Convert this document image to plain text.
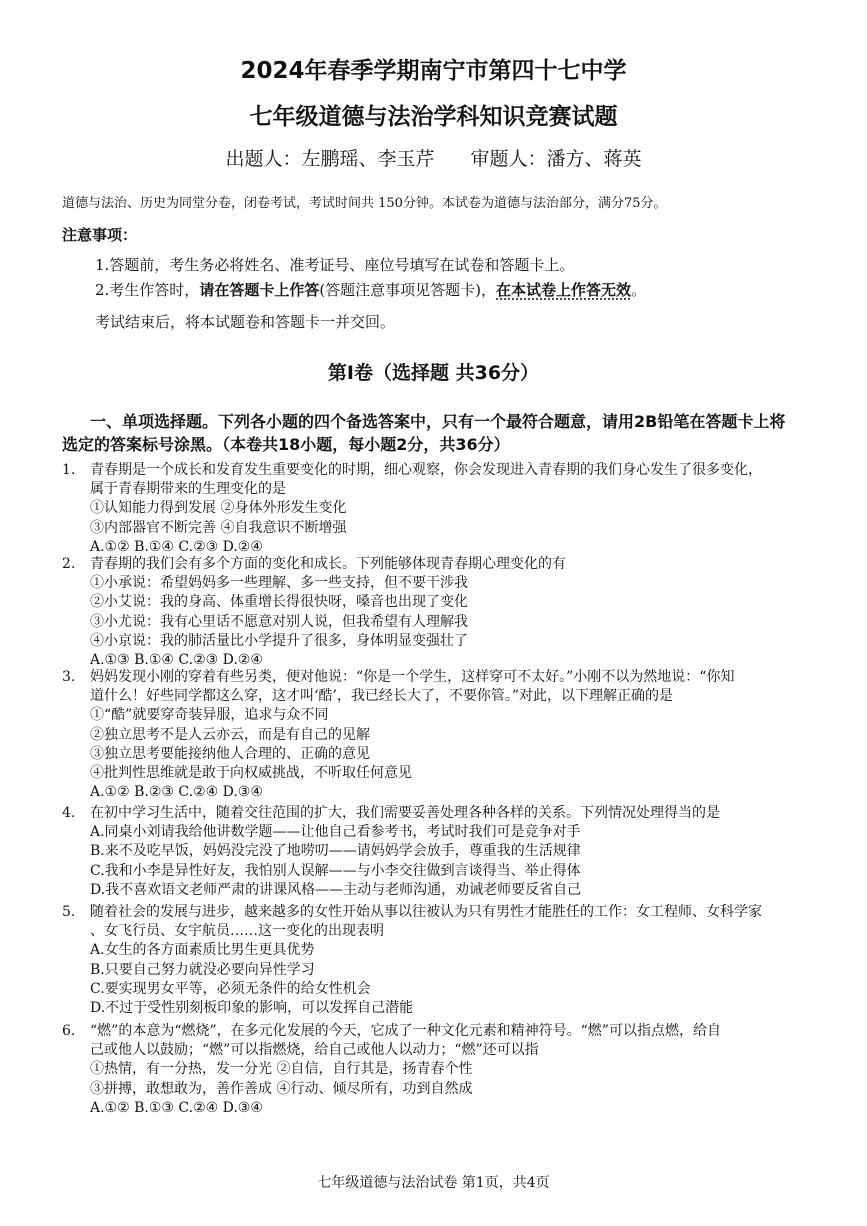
2024年春季学期南宁市第四十七中学
七年级道德与法治学科知识竞赛试题
出题人：左鹏瑶、李玉芹 审题人：潘方、蒋英
道德与法治、历史为同堂分卷，闭卷考试，考试时间共 150分钟。本试卷为道德与法治部分，满分75分。
注意事项：
1.答题前，考生务必将姓名、准考证号、座位号填写在试卷和答题卡上。
2.考生作答时，请在答题卡上作答(答题注意事项见答题卡)，在本试卷上作答无效。
考试结束后，将本试题卷和答题卡一并交回。
第Ⅰ卷（选择题 共36分）
一、单项选择题。下列各小题的四个备选答案中，只有一个最符合题意，请用2B铅笔在答题卡上将
选定的答案标号涂黑。（本卷共18小题，每小题2分，共36分）
1. 青春期是一个成长和发育发生重要变化的时期，细心观察，你会发现进入青春期的我们身心发生了很多变化，
属于青春期带来的生理变化的是
①认知能力得到发展 ②身体外形发生变化
③内部器官不断完善 ④自我意识不断增强
A.①② B.①④ C.②③ D.②④
2. 青春期的我们会有多个方面的变化和成长。下列能够体现青春期心理变化的有
①小承说：希望妈妈多一些理解、多一些支持，但不要干涉我
②小艾说：我的身高、体重增长得很快呀，嗓音也出现了变化
③小尤说：我有心里话不愿意对别人说，但我希望有人理解我
④小京说：我的肺活量比小学提升了很多，身体明显变强壮了
A.①③ B.①④ C.②③ D.②④
3. 妈妈发现小刚的穿着有些另类，便对他说：“你是一个学生，这样穿可不太好。”小刚不以为然地说：“你知
道什么！好些同学都这么穿，这才叫‘酷’，我已经长大了，不要你管。”对此，以下理解正确的是
①“酷”就要穿奇装异服，追求与众不同
②独立思考不是人云亦云，而是有自己的见解
③独立思考要能接纳他人合理的、正确的意见
④批判性思维就是敢于向权威挑战，不听取任何意见
A.①② B.②③ C.②④ D.③④
4. 在初中学习生活中，随着交往范围的扩大，我们需要妥善处理各种各样的关系。下列情况处理得当的是
A.同桌小刘请我给他讲数学题——让他自己看参考书，考试时我们可是竞争对手
B.来不及吃早饭，妈妈没完没了地唠叨——请妈妈学会放手，尊重我的生活规律
C.我和小李是异性好友，我怕别人误解——与小李交往做到言谈得当、举止得体
D.我不喜欢语文老师严肃的讲课风格——主动与老师沟通，劝诫老师要反省自己
5. 随着社会的发展与进步，越来越多的女性开始从事以往被认为只有男性才能胜任的工作：女工程师、女科学家
、女飞行员、女宇航员……这一变化的出现表明
A.女生的各方面素质比男生更具优势
B.只要自己努力就没必要向异性学习
C.要实现男女平等，必须无条件的给女性机会
D.不过于受性别刻板印象的影响，可以发挥自己潜能
6. “燃”的本意为“燃烧”，在多元化发展的今天，它成了一种文化元素和精神符号。“燃”可以指点燃，给自
己或他人以鼓励；“燃”可以指燃烧，给自己或他人以动力；“燃”还可以指
①热情，有一分热，发一分光 ②自信，自行其是，扬青春个性
③拼搏，敢想敢为，善作善成 ④行动、倾尽所有，功到自然成
A.①② B.①③ C.②④ D.③④
七年级道德与法治试卷 第1页，共4页
